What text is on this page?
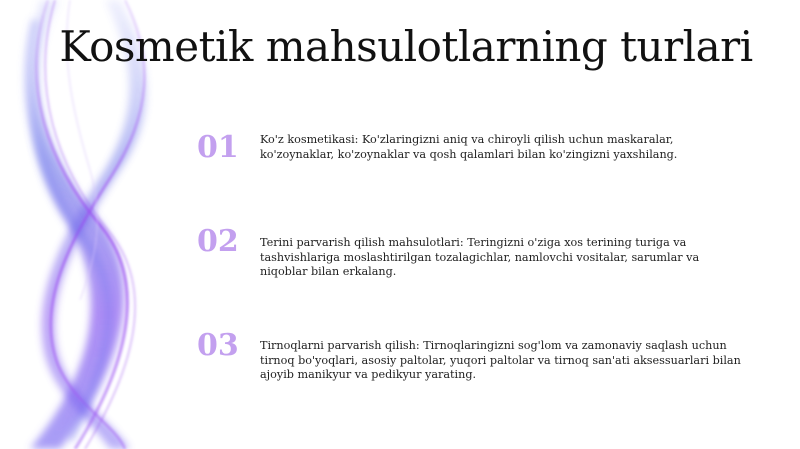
Kosmetik mahsulotlarning turlari
01	Ko'z kosmetikasi: Ko'zlaringizni aniq va chiroyli qilish uchun maskaralar, ko'zoynaklar, ko'zoynaklar va qosh qalamlari bilan ko'zingizni yaxshilang.
02	Terini parvarish qilish mahsulotlari: Teringizni o'ziga xos terining turiga va tashvishlariga moslashtirilgan tozalagichlar, namlovchi vositalar, sarumlar va niqoblar bilan erkalang.
03	Tirnoqlarni parvarish qilish: Tirnoqlaringizni sog'lom va zamonaviy saqlash uchun tirnoq bo'yoqlari, asosiy paltolar, yuqori paltolar va tirnoq san'ati aksessuarlari bilan ajoyib manikyur va pedikyur yarating.
